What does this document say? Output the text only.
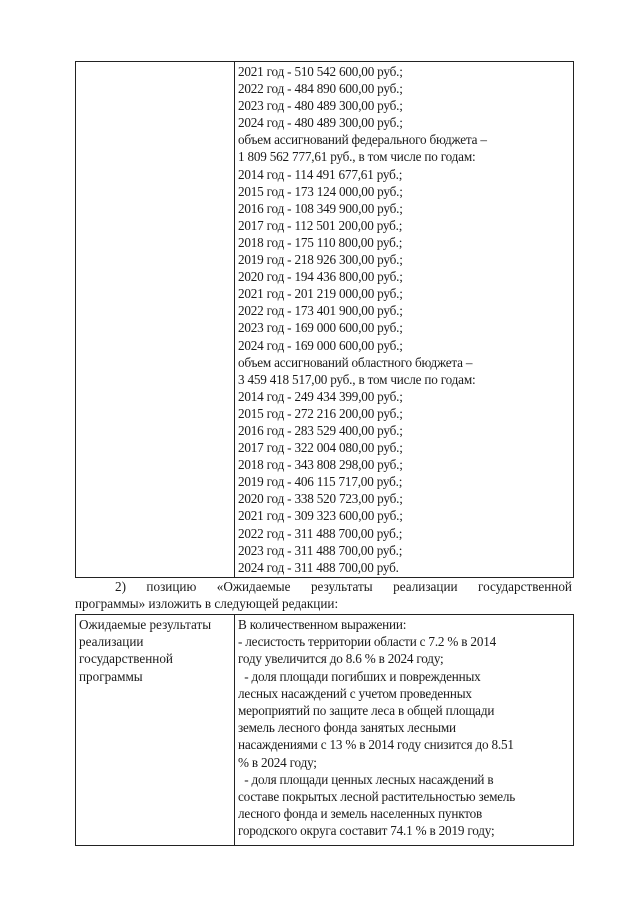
2021 год - 510 542 600,00 руб.;
2022 год - 484 890 600,00 руб.;
2023 год - 480 489 300,00 руб.;
2024 год - 480 489 300,00 руб.;
объем ассигнований федерального бюджета –
1 809 562 777,61 руб., в том числе по годам:
2014 год - 114 491 677,61 руб.;
2015 год - 173 124 000,00 руб.;
2016 год - 108 349 900,00 руб.;
2017 год - 112 501 200,00 руб.;
2018 год - 175 110 800,00 руб.;
2019 год - 218 926 300,00 руб.;
2020 год - 194 436 800,00 руб.;
2021 год - 201 219 000,00 руб.;
2022 год - 173 401 900,00 руб.;
2023 год - 169 000 600,00 руб.;
2024 год - 169 000 600,00 руб.;
объем ассигнований областного бюджета –
3 459 418 517,00 руб., в том числе по годам:
2014 год - 249 434 399,00 руб.;
2015 год - 272 216 200,00 руб.;
2016 год - 283 529 400,00 руб.;
2017 год - 322 004 080,00 руб.;
2018 год - 343 808 298,00 руб.;
2019 год - 406 115 717,00 руб.;
2020 год - 338 520 723,00 руб.;
2021 год - 309 323 600,00 руб.;
2022 год - 311 488 700,00 руб.;
2023 год - 311 488 700,00 руб.;
2024 год - 311 488 700,00 руб.
2) позицию «Ожидаемые результаты реализации государственной
программы» изложить в следующей редакции:
Ожидаемые результаты
реализации
государственной
программы
В количественном выражении:
- лесистость территории области с 7.2 % в 2014
году увеличится до 8.6 % в 2024 году;
- доля площади погибших и поврежденных
лесных насаждений с учетом проведенных
мероприятий по защите леса в общей площади
земель лесного фонда занятых лесными
насаждениями с 13 % в 2014 году снизится до 8.51
% в 2024 году;
- доля площади ценных лесных насаждений в
составе покрытых лесной растительностью земель
лесного фонда и земель населенных пунктов
городского округа составит 74.1 % в 2019 году;
